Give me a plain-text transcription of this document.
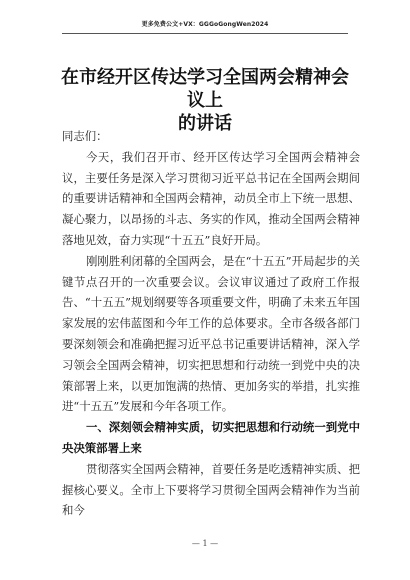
更多免费公文+VX：GGGoGongWen2024
在市经开区传达学习全国两会精神会议上
的讲话

同志们：

今天，我们召开市、经开区传达学习全国两会精神会议，主要任务是深入学习贯彻习近平总书记在全国两会期间的重要讲话精神和全国两会精神，动员全市上下统一思想、凝心聚力，以昂扬的斗志、务实的作风，推动全国两会精神落地见效，奋力实现“十五五”良好开局。

刚刚胜利闭幕的全国两会，是在“十五五”开局起步的关键节点召开的一次重要会议。会议审议通过了政府工作报告、“十五五”规划纲要等各项重要文件，明确了未来五年国家发展的宏伟蓝图和今年工作的总体要求。全市各级各部门要深刻领会和准确把握习近平总书记重要讲话精神，深入学习领会全国两会精神，切实把思想和行动统一到党中央的决策部署上来，以更加饱满的热情、更加务实的举措，扎实推进“十五五”发展和今年各项工作。

一、深刻领会精神实质，切实把思想和行动统一到党中央决策部署上来

贯彻落实全国两会精神，首要任务是吃透精神实质、把握核心要义。全市上下要将学习贯彻全国两会精神作为当前和今

— 1 —
